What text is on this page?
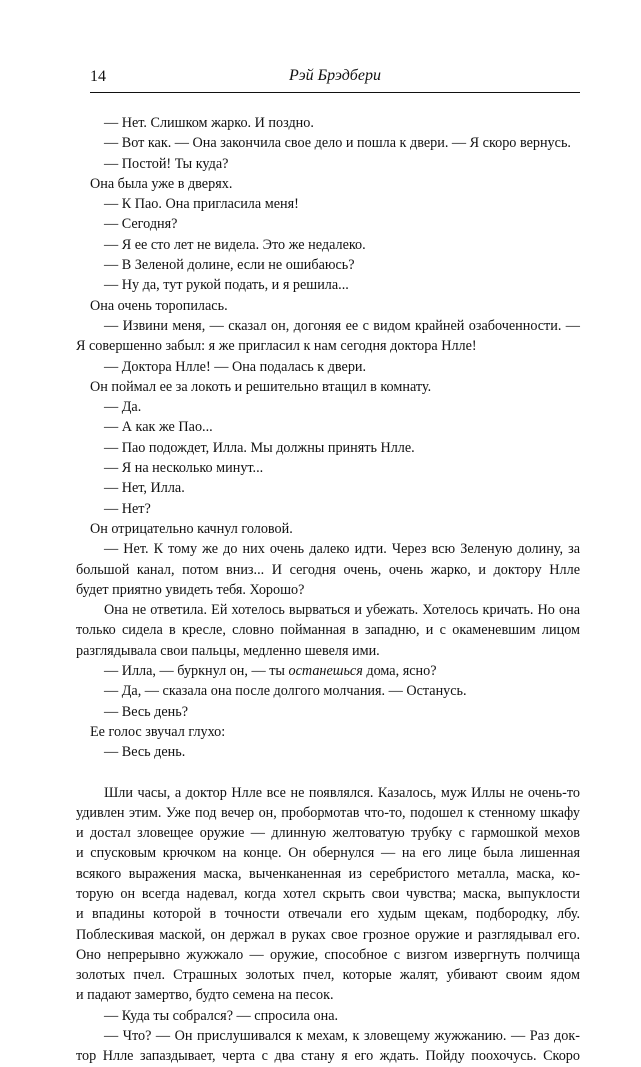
14	Рэй Брэдбери

— Нет. Слишком жарко. И поздно.

— Вот как. — Она закончила свое дело и пошла к двери. — Я скоро вернусь.

— Постой! Ты куда?

Она была уже в дверях.

— К Пао. Она пригласила меня!

— Сегодня?

— Я ее сто лет не видела. Это же недалеко.

— В Зеленой долине, если не ошибаюсь?

— Ну да, тут рукой подать, и я решила...

Она очень торопилась.

— Извини меня, — сказал он, догоняя ее с видом крайней озабоченности. —
Я совершенно забыл: я же пригласил к нам сегодня доктора Нлле!

— Доктора Нлле! — Она подалась к двери.

Он поймал ее за локоть и решительно втащил в комнату.

— Да.

— А как же Пао...

— Пао подождет, Илла. Мы должны принять Нлле.

— Я на несколько минут...

— Нет, Илла.

— Нет?

Он отрицательно качнул головой.

— Нет. К тому же до них очень далеко идти. Через всю Зеленую долину, за
большой канал, потом вниз... И сегодня очень, очень жарко, и доктору Нлле
будет приятно увидеть тебя. Хорошо?
Она не ответила. Ей хотелось вырваться и убежать. Хотелось кричать. Но она
только сидела в кресле, словно пойманная в западню, и с окаменевшим лицом
разглядывала свои пальцы, медленно шевеля ими.

— Илла, — буркнул он, — ты останешься дома, ясно?

— Да, — сказала она после долгого молчания. — Останусь.

— Весь день?

Ее голос звучал глухо:

— Весь день.

Шли часы, а доктор Нлле все не появлялся. Казалось, муж Иллы не очень-то
удивлен этим. Уже под вечер он, пробормотав что-то, подошел к стенному шкафу
и достал зловещее оружие — длинную желтоватую трубку с гармошкой мехов
и спусковым крючком на конце. Он обернулся — на его лице была лишенная
всякого выражения маска, выченканенная из серебристого металла, маска, ко-
торую он всегда надевал, когда хотел скрыть свои чувства; маска, выпуклости
и впадины которой в точности отвечали его худым щекам, подбородку, лбу.
Поблескивая маской, он держал в руках свое грозное оружие и разглядывал его.
Оно непрерывно жужжало — оружие, способное с визгом извергнуть полчища
золотых пчел. Страшных золотых пчел, которые жалят, убивают своим ядом
и падают замертво, будто семена на песок.

— Куда ты собрался? — спросила она.

— Что? — Он прислушивался к мехам, к зловещему жужжанию. — Раз док-
тор Нлле запаздывает, черта с два стану я его ждать. Пойду поохочусь. Скоро
